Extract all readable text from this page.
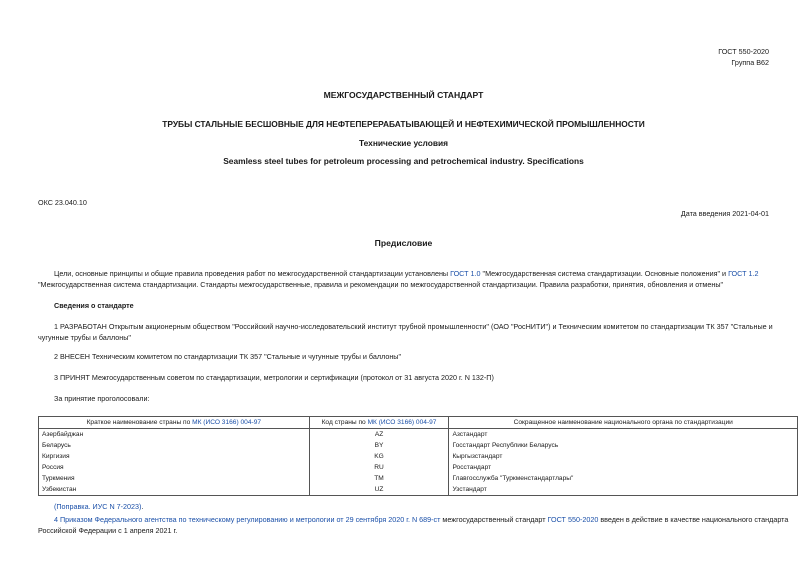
ГОСТ 550-2020
Группа В62
МЕЖГОСУДАРСТВЕННЫЙ СТАНДАРТ
ТРУБЫ СТАЛЬНЫЕ БЕСШОВНЫЕ ДЛЯ НЕФТЕПЕРЕРАБАТЫВАЮЩЕЙ И НЕФТЕХИМИЧЕСКОЙ ПРОМЫШЛЕННОСТИ
Технические условия
Seamless steel tubes for petroleum processing and petrochemical industry. Specifications
ОКС 23.040.10
Дата введения 2021-04-01
Предисловие

Цели, основные принципы и общие правила проведения работ по межгосударственной стандартизации установлены ГОСТ 1.0 "Межгосударственная система стандартизации. Основные положения" и ГОСТ 1.2 "Межгосударственная система стандартизации. Стандарты межгосударственные, правила и рекомендации по межгосударственной стандартизации. Правила разработки, принятия, обновления и отмены"

Сведения о стандарте

1 РАЗРАБОТАН Открытым акционерным обществом "Российский научно-исследовательский институт трубной промышленности" (ОАО "РосНИТИ") и Техническим комитетом по стандартизации ТК 357 "Стальные и чугунные трубы и баллоны"

2 ВНЕСЕН Техническим комитетом по стандартизации ТК 357 "Стальные и чугунные трубы и баллоны"

3 ПРИНЯТ Межгосударственным советом по стандартизации, метрологии и сертификации (протокол от 31 августа 2020 г. N 132-П)

За принятие проголосовали:

Краткое наименование страны по МК (ИСО 3166) 004-97	Код страны по МК (ИСО 3166) 004-97	Сокращенное наименование национального органа по стандартизации
Азербайджан	AZ	Азстандарт
Беларусь	BY	Госстандарт Республики Беларусь
Киргизия	KG	Кыргызстандарт
Россия	RU	Росстандарт
Туркмения	TM	Главгосслужба "Туркменстандартлары"
Узбекистан	UZ	Узстандарт

(Поправка. ИУС N 7-2023).

4 Приказом Федерального агентства по техническому регулированию и метрологии от 29 сентября 2020 г. N 689-ст межгосударственный стандарт ГОСТ 550-2020 введен в действие в качестве национального стандарта Российской Федерации с 1 апреля 2021 г.
